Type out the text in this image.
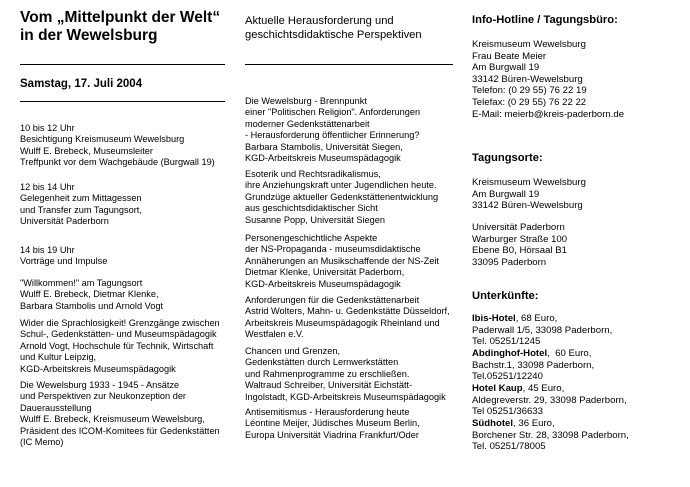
Vom „Mittelpunkt der Welt“
in der Wewelsburg
Samstag, 17. Juli 2004
10 bis 12 Uhr
Besichtigung Kreismuseum Wewelsburg
Wulff E. Brebeck, Museumsleiter
Treffpunkt vor dem Wachgebäude (Burgwall 19)
12 bis 14 Uhr
Gelegenheit zum Mittagessen
und Transfer zum Tagungsort,
Universität Paderborn
14 bis 19 Uhr
Vorträge und Impulse
"Willkommen!" am Tagungsort
Wulff E. Brebeck, Dietmar Klenke,
Barbara Stambolis und Arnold Vogt
Wider die Sprachlosigkeit! Grenzgänge zwischen
Schul-, Gedenkstätten- und Museumspädagogik
Arnold Vogt, Hochschule für Technik, Wirtschaft
und Kultur Leipzig,
KGD-Arbeitskreis Museumspädagogik
Die Wewelsburg 1933 - 1945 - Ansätze
und Perspektiven zur Neukonzeption der
Dauerausstellung
Wulff E. Brebeck, Kreismuseum Wewelsburg,
Präsident des ICOM-Komitees für Gedenkstätten
(IC Memo)
Aktuelle Herausforderung und
geschichtsdidaktische Perspektiven
Die Wewelsburg - Brennpunkt
einer "Politischen Religion". Anforderungen
moderner Gedenkstättenarbeit
- Herausforderung öffentlicher Erinnerung?
Barbara Stambolis, Universität Siegen,
KGD-Arbeitskreis Museumspädagogik
Esoterik und Rechtsradikalismus,
ihre Anziehungskraft unter Jugendlichen heute.
Grundzüge aktueller Gedenkstättenentwicklung
aus geschichtsdidaktischer Sicht
Susanne Popp, Universität Siegen
Personengeschichtliche Aspekte
der NS-Propaganda - museumsdidaktische
Annäherungen an Musikschaffende der NS-Zeit
Dietmar Klenke, Universität Paderborn,
KGD-Arbeitskreis Museumspädagogik
Anforderungen für die Gedenkstättenarbeit
Astrid Wolters, Mahn- u. Gedenkstätte Düsseldorf,
Arbeitskreis Museumspädagogik Rheinland und
Westfalen e.V.
Chancen und Grenzen,
Gedenkstätten durch Lernwerkstätten
und Rahmenprogramme zu erschließen.
Waltraud Schreiber, Universität Eichstätt-
Ingolstadt, KGD-Arbeitskreis Museumspädagogik
Antisemitismus - Herausforderung heute
Léontine Meijer, Jüdisches Museum Berlin,
Europa Universität Viadrina Frankfurt/Oder
Info-Hotline / Tagungsbüro:
Kreismuseum Wewelsburg
Frau Beate Meier
Am Burgwall 19
33142 Büren-Wewelsburg
Telefon: (0 29 55) 76 22 19
Telefax: (0 29 55) 76 22 22
E-Mail: meierb@kreis-paderborn.de
Tagungsorte:
Kreismuseum Wewelsburg
Am Burgwall 19
33142 Büren-Wewelsburg
Universität Paderborn
Warburger Straße 100
Ebene B0, Hörsaal B1
33095 Paderborn
Unterkünfte:
Ibis-Hotel, 68 Euro,
Paderwall 1/5, 33098 Paderborn,
Tel. 05251/1245
Abdinghof-Hotel,  60 Euro,
Bachstr.1, 33098 Paderborn,
Tel.05251/12240
Hotel Kaup, 45 Euro,
Aldegreverstr. 29, 33098 Paderborn,
Tel 05251/36633
Südhotel, 36 Euro,
Borchener Str. 28, 33098 Paderborn,
Tel. 05251/78005
